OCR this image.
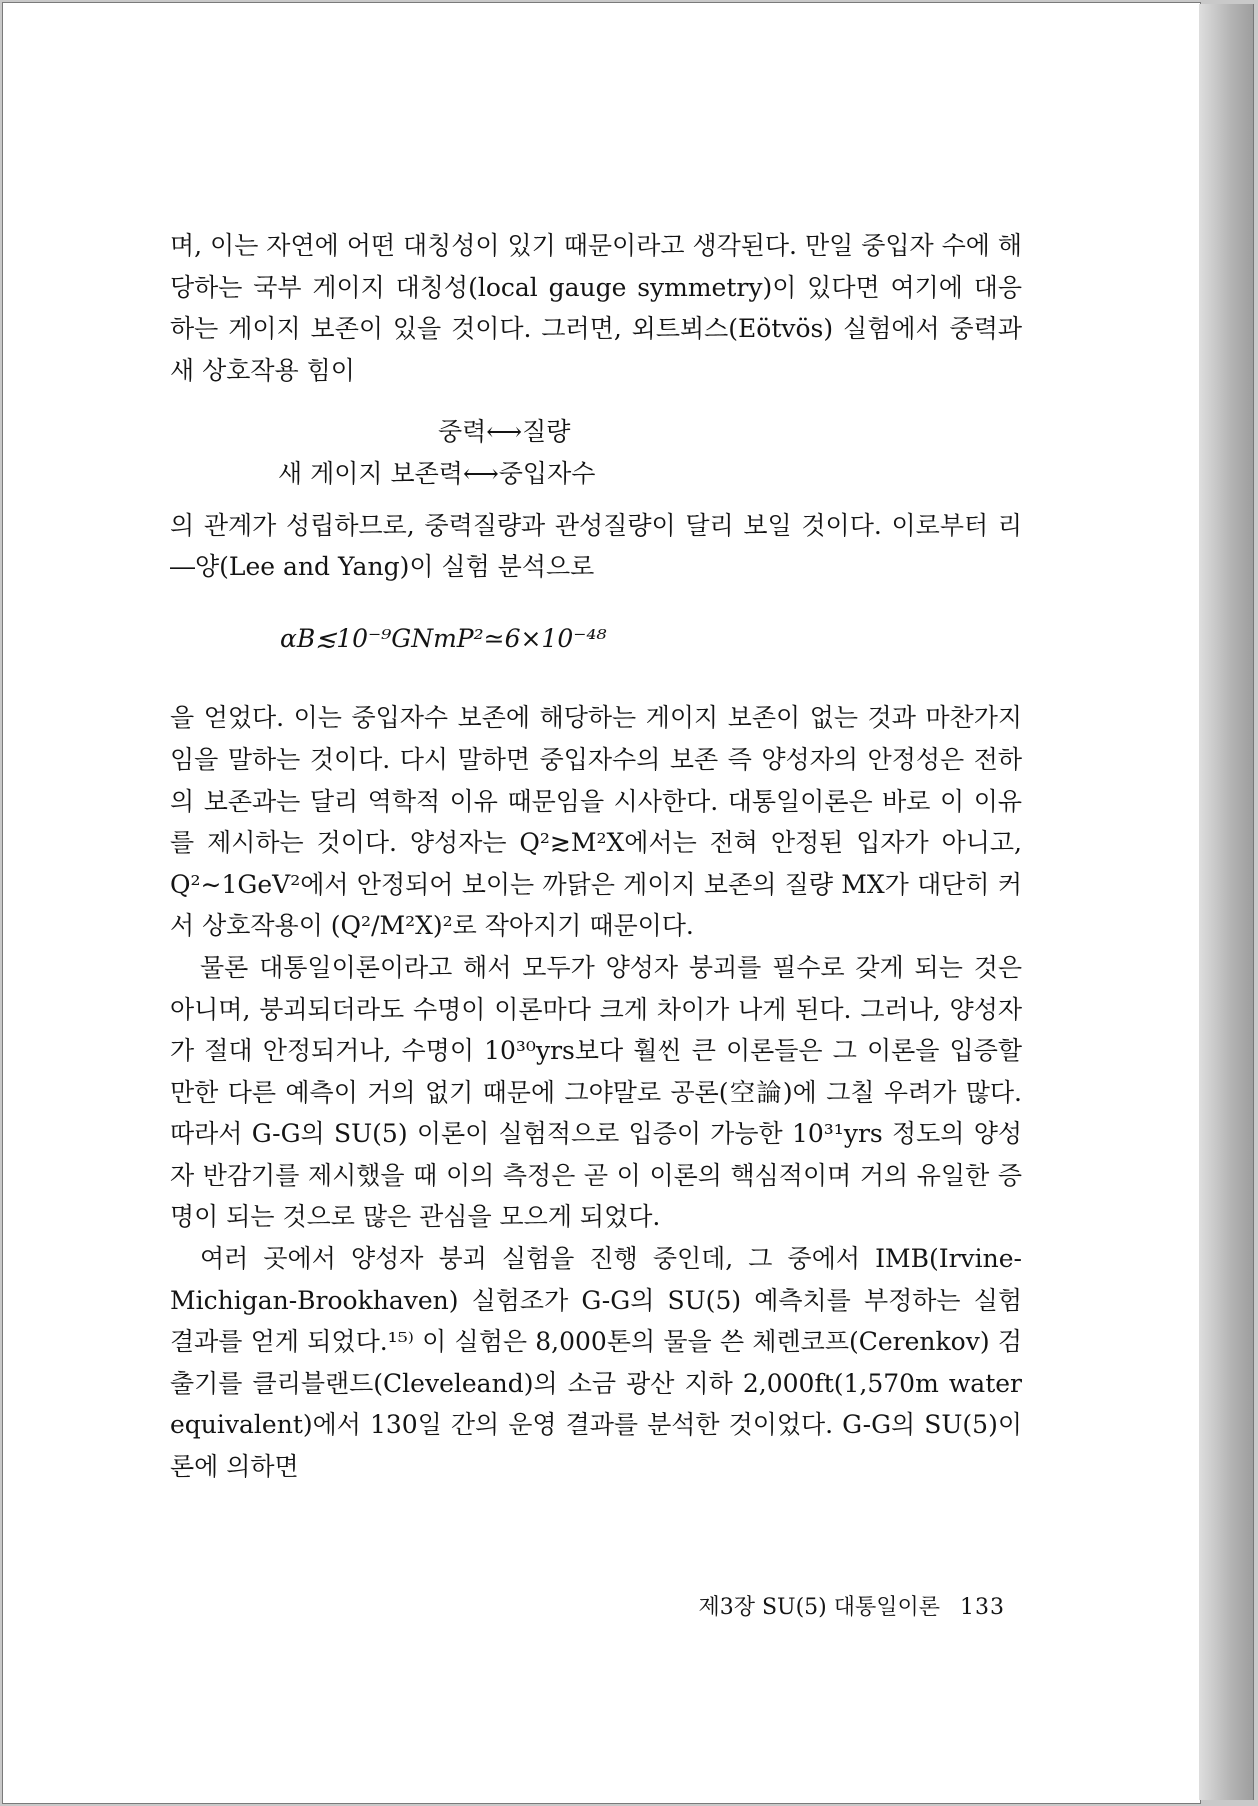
며, 이는 자연에 어떤 대칭성이 있기 때문이라고 생각된다. 만일 중입자 수에 해당하는 국부 게이지 대칭성(local gauge symmetry)이 있다면 여기에 대응하는 게이지 보존이 있을 것이다. 그러면, 외트뵈스(Eötvös) 실험에서 중력과 새 상호작용 힘이

중력⟷질량

새 게이지 보존력⟷중입자수

의 관계가 성립하므로, 중력질량과 관성질량이 달리 보일 것이다. 이로부터 리―양(Lee and Yang)이 실험 분석으로

αB≲10⁻⁹GNmP²≃6×10⁻⁴⁸

을 얻었다. 이는 중입자수 보존에 해당하는 게이지 보존이 없는 것과 마찬가지임을 말하는 것이다. 다시 말하면 중입자수의 보존 즉 양성자의 안정성은 전하의 보존과는 달리 역학적 이유 때문임을 시사한다. 대통일이론은 바로 이 이유를 제시하는 것이다. 양성자는 Q²≳M²X에서는 전혀 안정된 입자가 아니고, Q²∼1GeV²에서 안정되어 보이는 까닭은 게이지 보존의 질량 MX가 대단히 커서 상호작용이 (Q²/M²X)²로 작아지기 때문이다.

물론 대통일이론이라고 해서 모두가 양성자 붕괴를 필수로 갖게 되는 것은 아니며, 붕괴되더라도 수명이 이론마다 크게 차이가 나게 된다. 그러나, 양성자가 절대 안정되거나, 수명이 10³⁰yrs보다 훨씬 큰 이론들은 그 이론을 입증할 만한 다른 예측이 거의 없기 때문에 그야말로 공론(空論)에 그칠 우려가 많다. 따라서 G-G의 SU(5) 이론이 실험적으로 입증이 가능한 10³¹yrs 정도의 양성자 반감기를 제시했을 때 이의 측정은 곧 이 이론의 핵심적이며 거의 유일한 증명이 되는 것으로 많은 관심을 모으게 되었다.

여러 곳에서 양성자 붕괴 실험을 진행 중인데, 그 중에서 IMB(Irvine-Michigan-Brookhaven) 실험조가 G-G의 SU(5) 예측치를 부정하는 실험 결과를 얻게 되었다.¹⁵⁾ 이 실험은 8,000톤의 물을 쓴 체렌코프(Cerenkov) 검출기를 클리블랜드(Cleveleand)의 소금 광산 지하 2,000ft(1,570m water equivalent)에서 130일 간의 운영 결과를 분석한 것이었다. G-G의 SU(5)이론에 의하면

제3장 SU(5) 대통일이론 133
